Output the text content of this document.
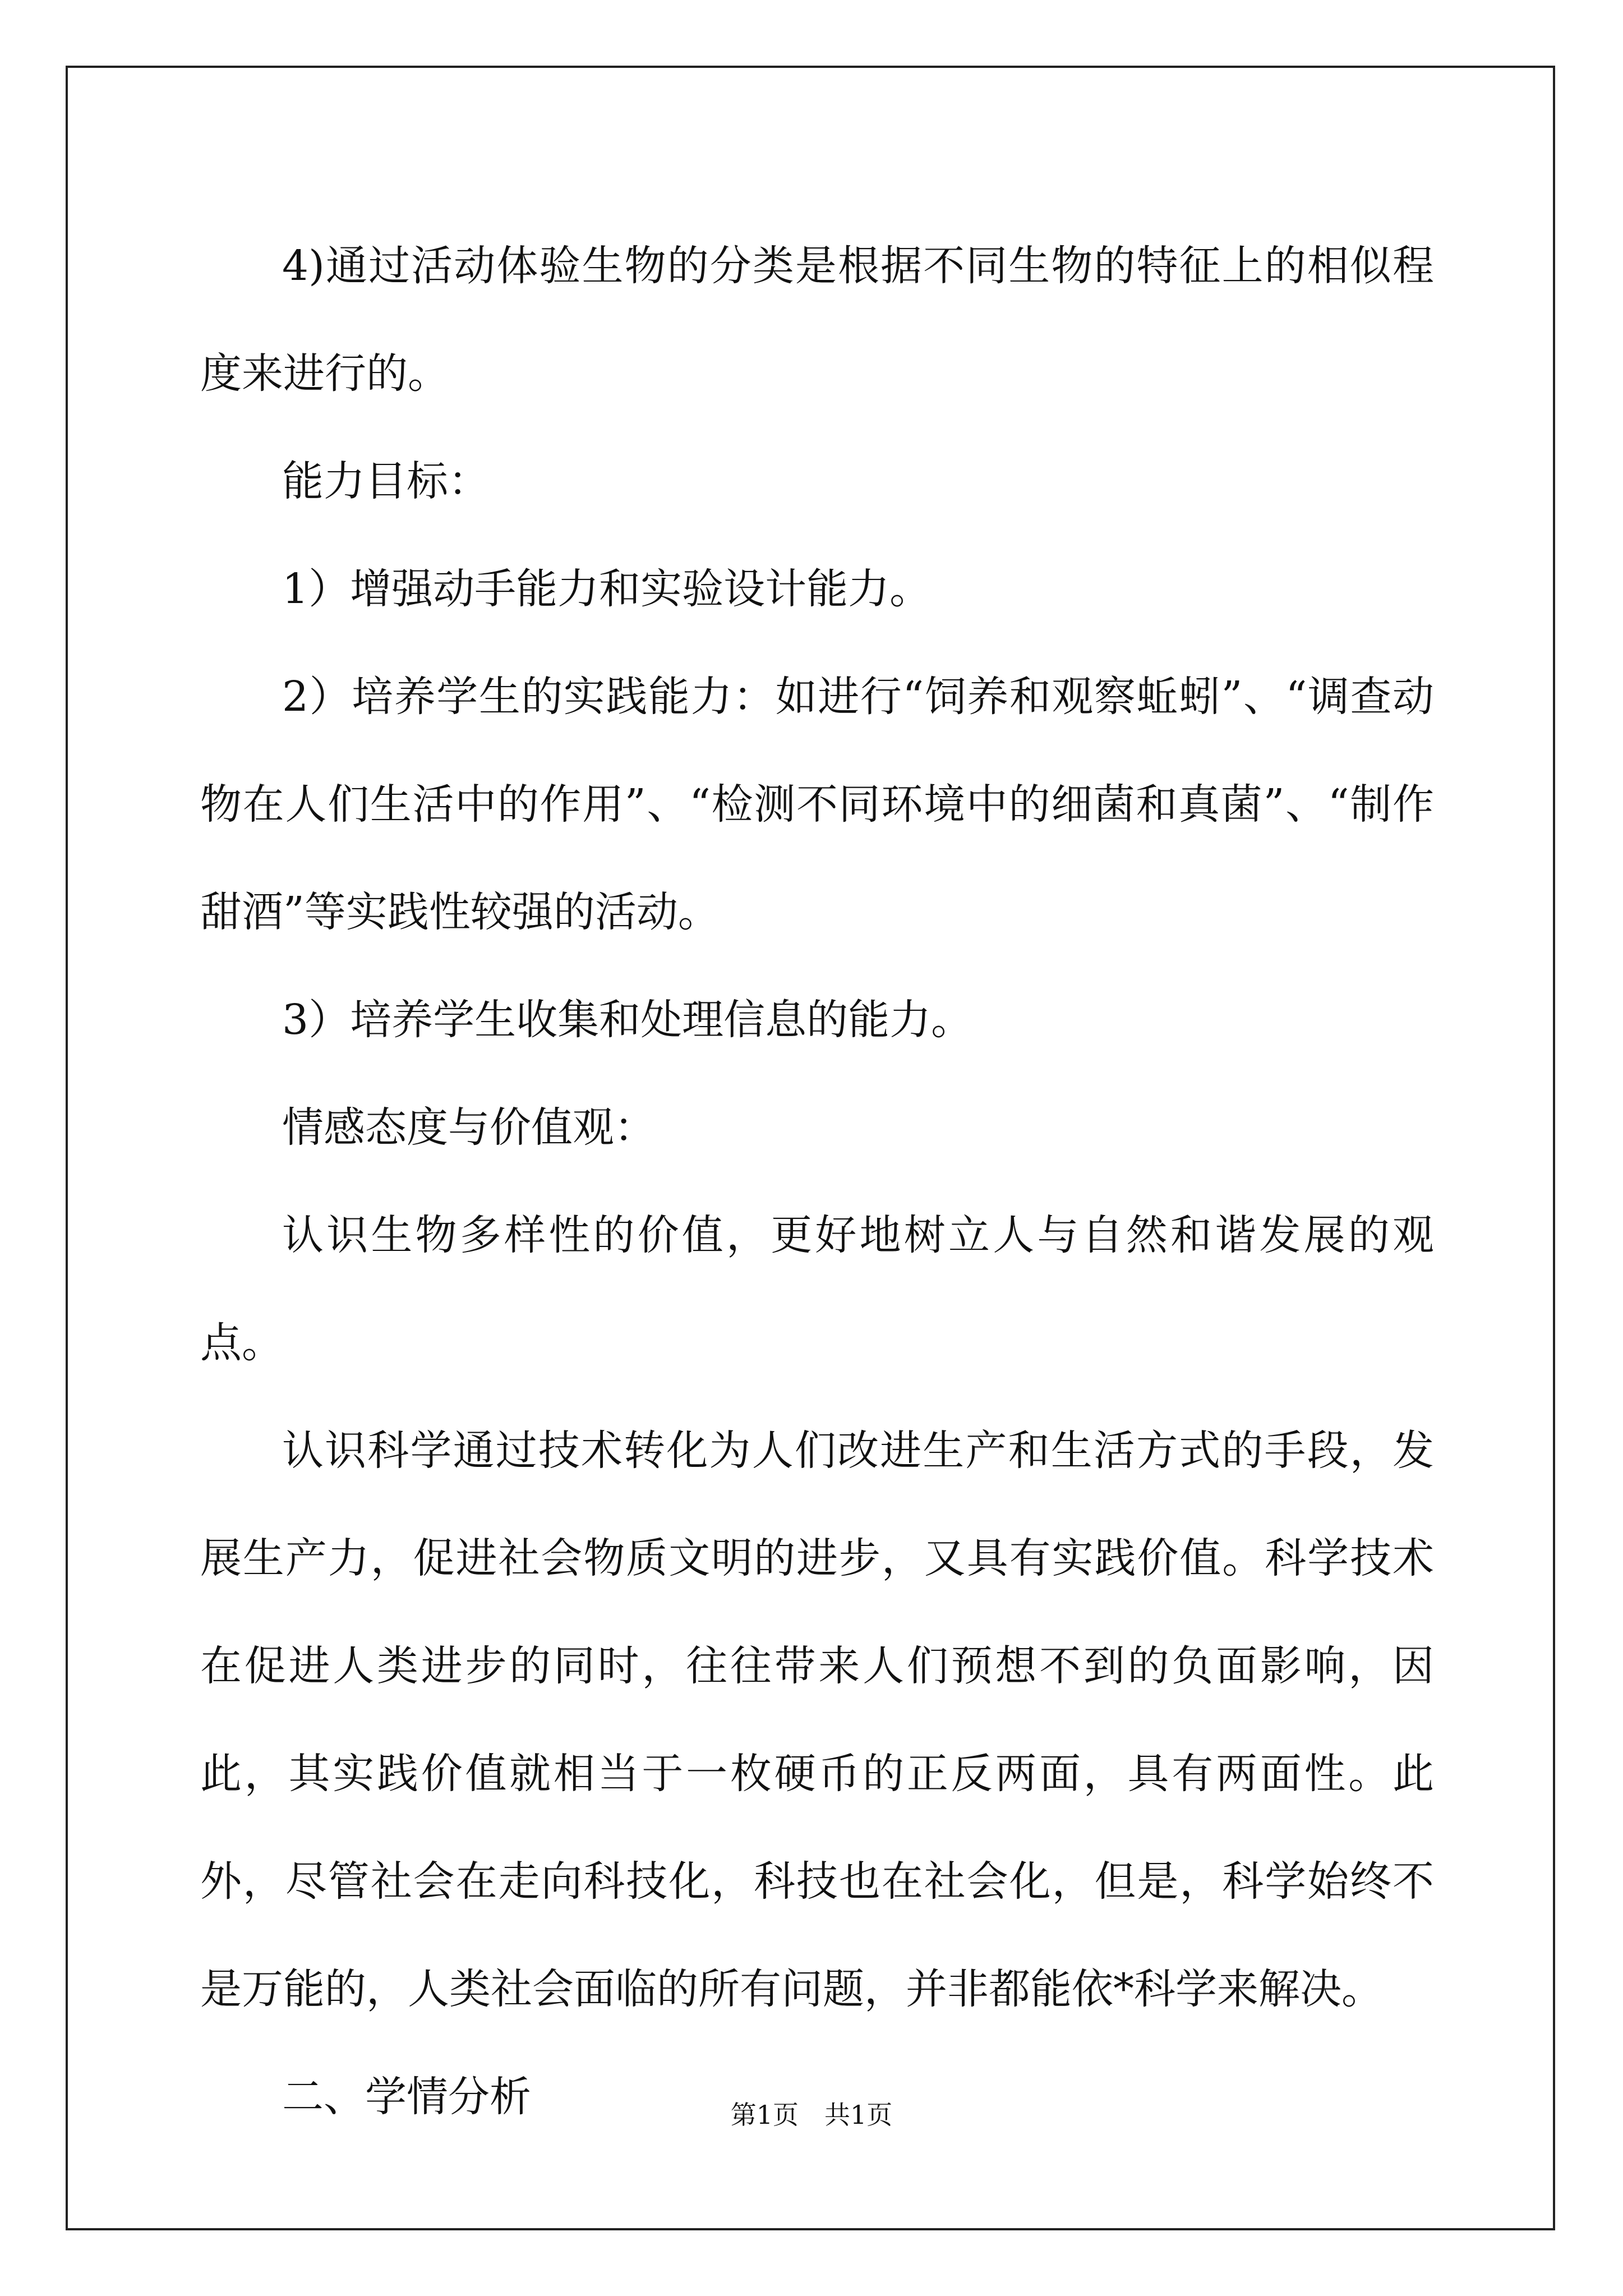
4)通过活动体验生物的分类是根据不同生物的特征上的相似程度来进行的。

能力目标：

1）增强动手能力和实验设计能力。

2）培养学生的实践能力：如进行“饲养和观察蚯蚓”、“调查动物在人们生活中的作用”、“检测不同环境中的细菌和真菌”、“制作甜酒”等实践性较强的活动。

3）培养学生收集和处理信息的能力。

情感态度与价值观：

认识生物多样性的价值，更好地树立人与自然和谐发展的观点。

认识科学通过技术转化为人们改进生产和生活方式的手段，发展生产力，促进社会物质文明的进步，又具有实践价值。科学技术在促进人类进步的同时，往往带来人们预想不到的负面影响，因此，其实践价值就相当于一枚硬币的正反两面，具有两面性。此外，尽管社会在走向科技化，科技也在社会化，但是，科学始终不是万能的，人类社会面临的所有问题，并非都能依*科学来解决。

二、学情分析	第1页　共1页
